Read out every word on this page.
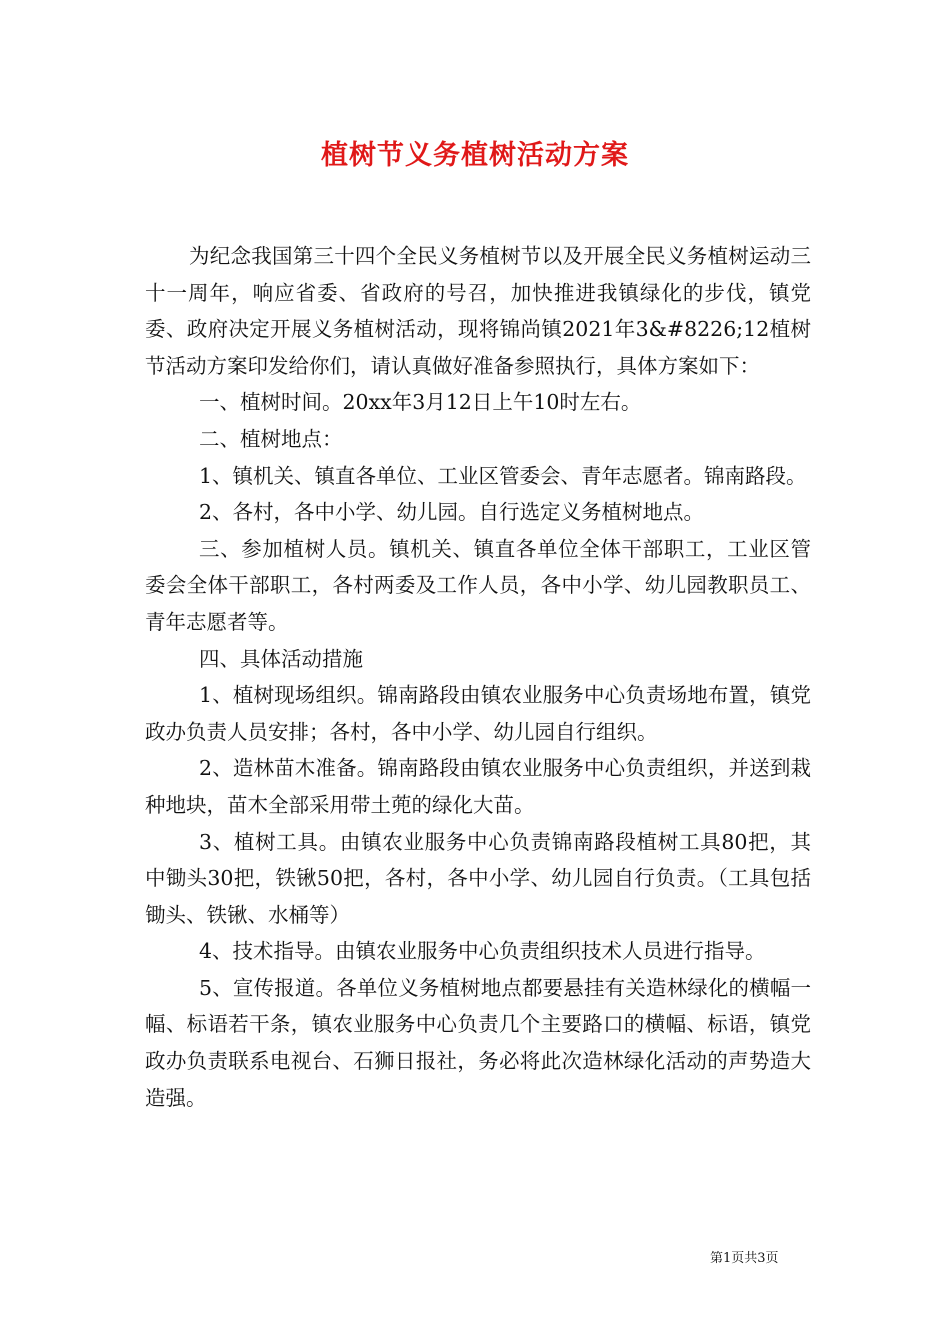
植树节义务植树活动方案

为纪念我国第三十四个全民义务植树节以及开展全民义务植树运动三十一周年，响应省委、省政府的号召，加快推进我镇绿化的步伐，镇党委、政府决定开展义务植树活动，现将锦尚镇2021年3&#8226;12植树节活动方案印发给你们，请认真做好准备参照执行，具体方案如下：

一、植树时间。20xx年3月12日上午10时左右。

二、植树地点：

1、镇机关、镇直各单位、工业区管委会、青年志愿者。锦南路段。

2、各村，各中小学、幼儿园。自行选定义务植树地点。

三、参加植树人员。镇机关、镇直各单位全体干部职工，工业区管委会全体干部职工，各村两委及工作人员，各中小学、幼儿园教职员工、青年志愿者等。

四、具体活动措施

1、植树现场组织。锦南路段由镇农业服务中心负责场地布置，镇党政办负责人员安排；各村，各中小学、幼儿园自行组织。

2、造林苗木准备。锦南路段由镇农业服务中心负责组织，并送到栽种地块，苗木全部采用带土蔸的绿化大苗。

3、植树工具。由镇农业服务中心负责锦南路段植树工具80把，其中锄头30把，铁锹50把，各村，各中小学、幼儿园自行负责。（工具包括锄头、铁锹、水桶等）

4、技术指导。由镇农业服务中心负责组织技术人员进行指导。

5、宣传报道。各单位义务植树地点都要悬挂有关造林绿化的横幅一幅、标语若干条，镇农业服务中心负责几个主要路口的横幅、标语，镇党政办负责联系电视台、石狮日报社，务必将此次造林绿化活动的声势造大造强。

第1页共3页
